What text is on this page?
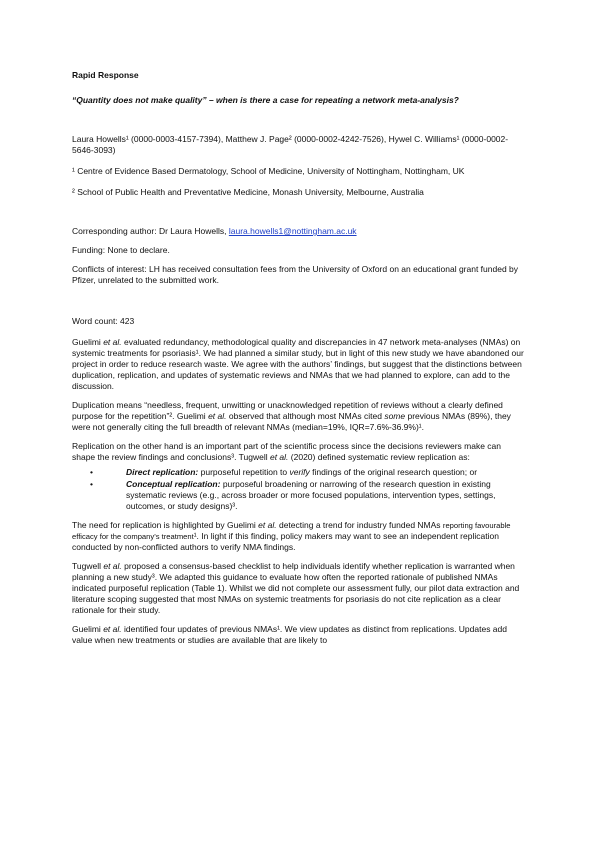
Rapid Response

“Quantity does not make quality” – when is there a case for repeating a network meta-analysis?

Laura Howells¹ (0000-0003-4157-7394), Matthew J. Page² (0000-0002-4242-7526), Hywel C. Williams¹ (0000-0002-5646-3093)

¹ Centre of Evidence Based Dermatology, School of Medicine, University of Nottingham, Nottingham, UK

² School of Public Health and Preventative Medicine, Monash University, Melbourne, Australia

Corresponding author: Dr Laura Howells, laura.howells1@nottingham.ac.uk

Funding: None to declare.

Conflicts of interest: LH has received consultation fees from the University of Oxford on an educational grant funded by Pfizer, unrelated to the submitted work.

Word count: 423

Guelimi et al. evaluated redundancy, methodological quality and discrepancies in 47 network meta-analyses (NMAs) on systemic treatments for psoriasis¹. We had planned a similar study, but in light of this new study we have abandoned our project in order to reduce research waste. We agree with the authors’ findings, but suggest that the distinctions between duplication, replication, and updates of systematic reviews and NMAs that we had planned to explore, can add to the discussion.

Duplication means “needless, frequent, unwitting or unacknowledged repetition of reviews without a clearly defined purpose for the repetition”². Guelimi et al. observed that although most NMAs cited some previous NMAs (89%), they were not generally citing the full breadth of relevant NMAs (median=19%, IQR=7.6%-36.9%)¹.

Replication on the other hand is an important part of the scientific process since the decisions reviewers make can shape the review findings and conclusions³. Tugwell et al. (2020) defined systematic review replication as:

•	Direct replication: purposeful repetition to verify findings of the original research question; or
•	Conceptual replication: purposeful broadening or narrowing of the research question in existing systematic reviews (e.g., across broader or more focused populations, intervention types, settings, outcomes, or study designs)³.

The need for replication is highlighted by Guelimi et al. detecting a trend for industry funded NMAs reporting favourable efficacy for the company’s treatment¹. In light if this finding, policy makers may want to see an independent replication conducted by non-conflicted authors to verify NMA findings.

Tugwell et al. proposed a consensus-based checklist to help individuals identify whether replication is warranted when planning a new study³. We adapted this guidance to evaluate how often the reported rationale of published NMAs indicated purposeful replication (Table 1). Whilst we did not complete our assessment fully, our pilot data extraction and literature scoping suggested that most NMAs on systemic treatments for psoriasis do not cite replication as a clear rationale for their study.

Guelimi et al. identified four updates of previous NMAs¹. We view updates as distinct from replications. Updates add value when new treatments or studies are available that are likely to
